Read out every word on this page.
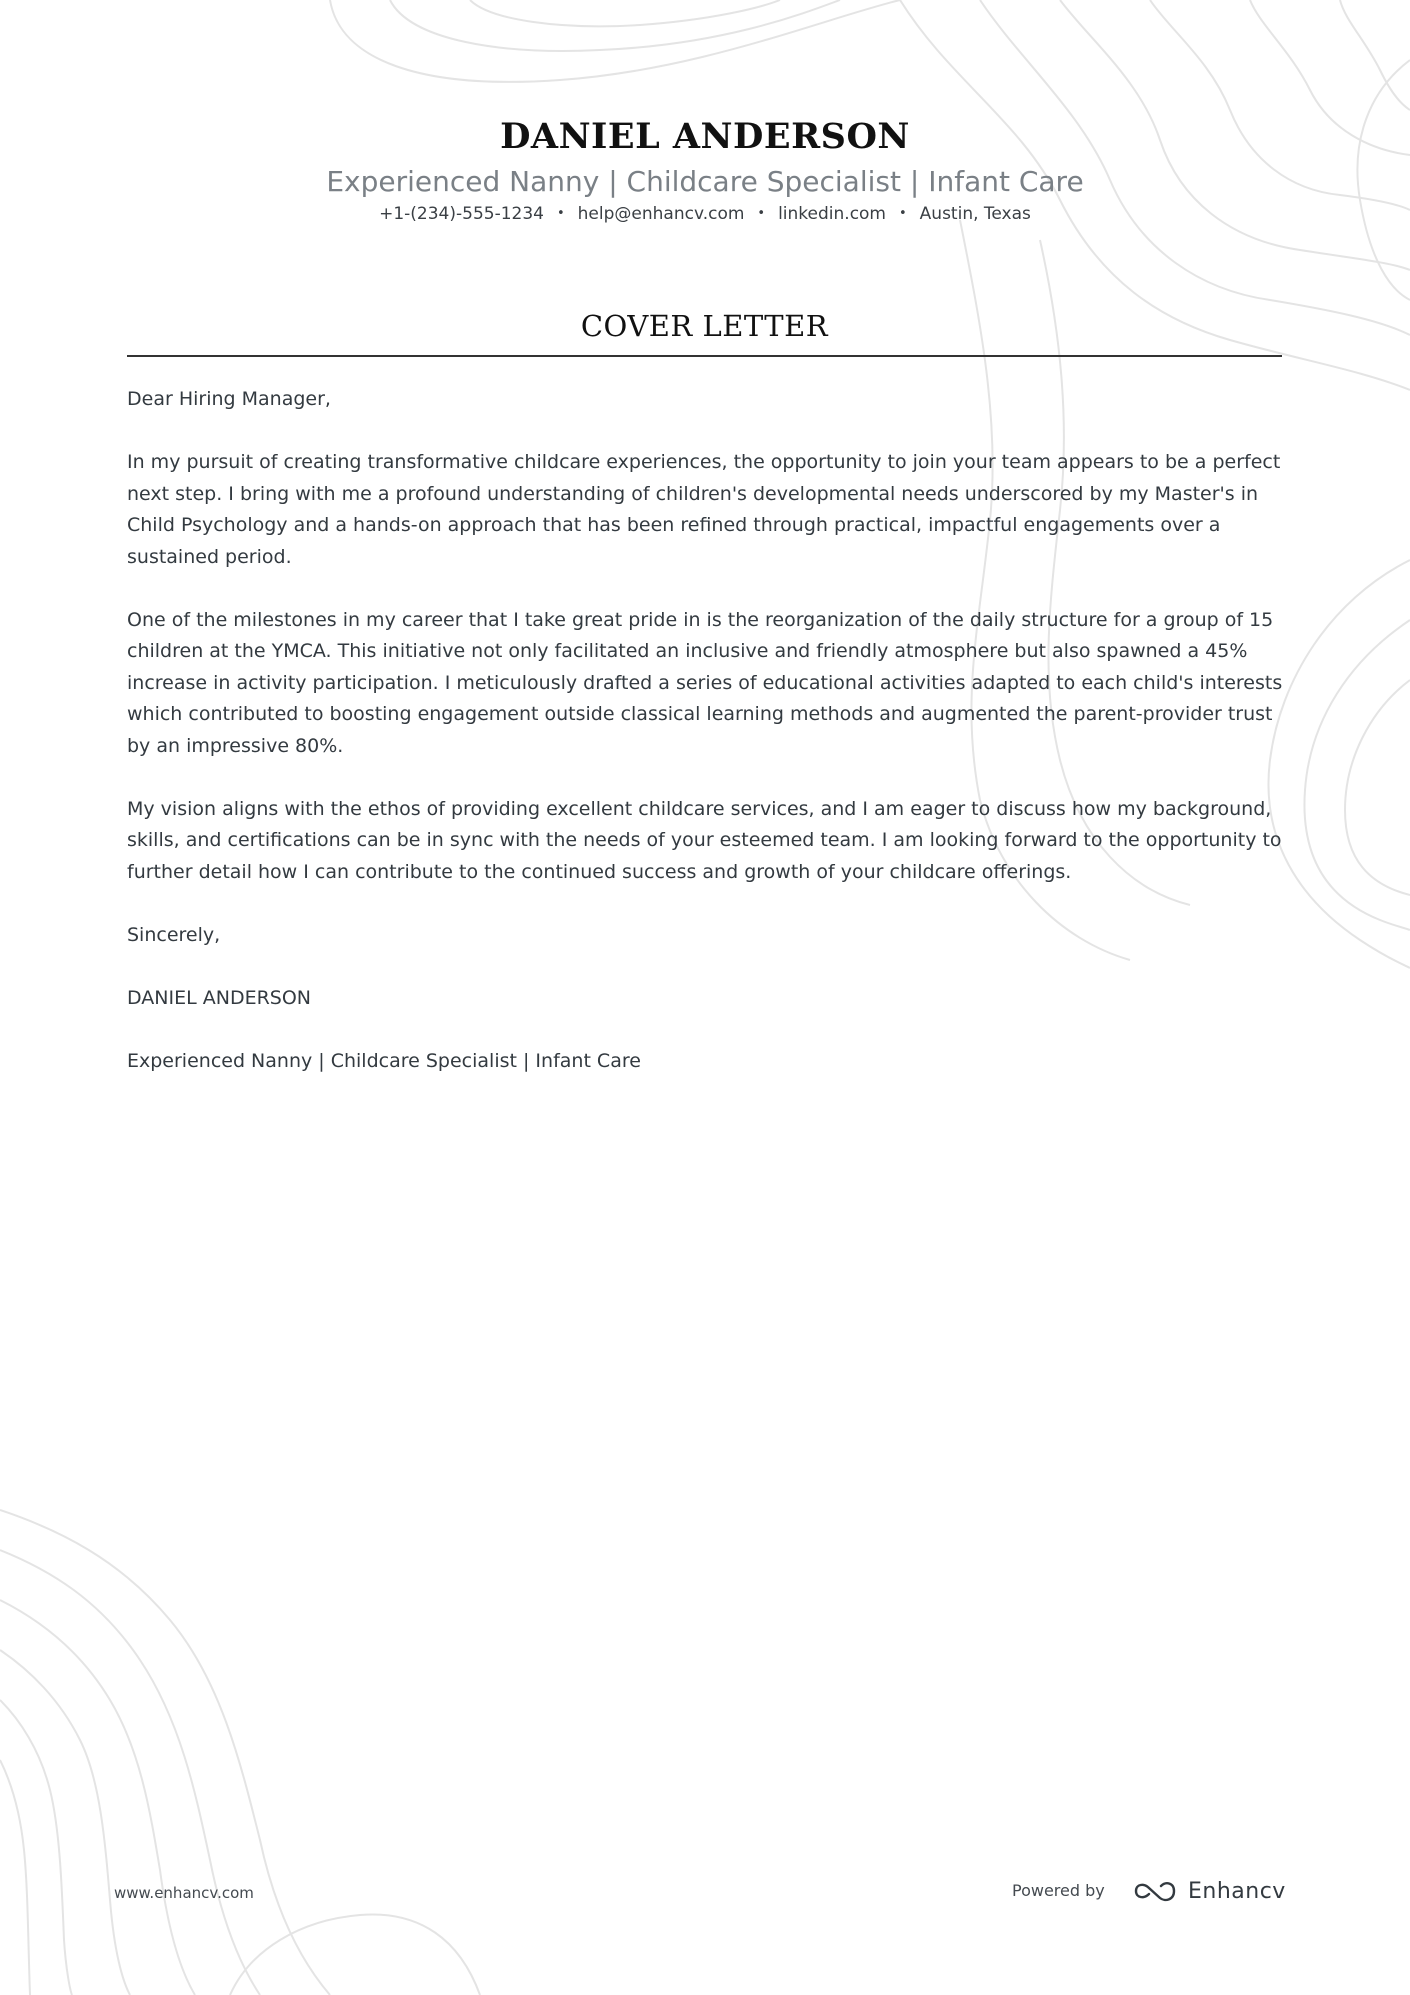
DANIEL ANDERSON
Experienced Nanny | Childcare Specialist | Infant Care
+1-(234)-555-1234 • help@enhancv.com • linkedin.com • Austin, Texas
COVER LETTER

Dear Hiring Manager,

In my pursuit of creating transformative childcare experiences, the opportunity to join your team appears to be a perfect next step. I bring with me a profound understanding of children's developmental needs underscored by my Master's in Child Psychology and a hands-on approach that has been refined through practical, impactful engagements over a sustained period.

One of the milestones in my career that I take great pride in is the reorganization of the daily structure for a group of 15 children at the YMCA. This initiative not only facilitated an inclusive and friendly atmosphere but also spawned a 45% increase in activity participation. I meticulously drafted a series of educational activities adapted to each child's interests which contributed to boosting engagement outside classical learning methods and augmented the parent-provider trust by an impressive 80%.

My vision aligns with the ethos of providing excellent childcare services, and I am eager to discuss how my background, skills, and certifications can be in sync with the needs of your esteemed team. I am looking forward to the opportunity to further detail how I can contribute to the continued success and growth of your childcare offerings.

Sincerely,

DANIEL ANDERSON

Experienced Nanny | Childcare Specialist | Infant Care

www.enhancv.com	Powered by	Enhancv
